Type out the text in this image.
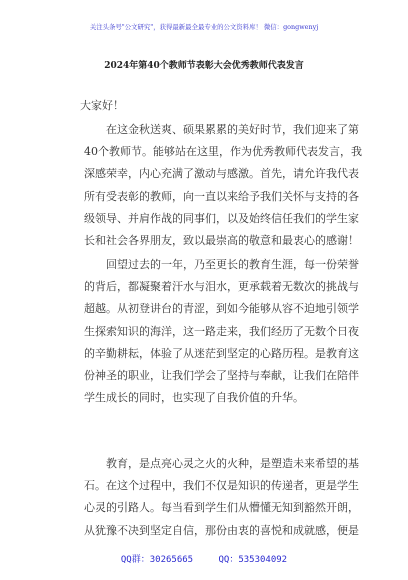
关注头条号"公文研究"，获得最新最全最专业的公文资料库！ 微信：gongwenyj
2024年第40个教师节表彰大会优秀教师代表发言
大家好！
在这金秋送爽、硕果累累的美好时节，我们迎来了第
40个教师节。能够站在这里，作为优秀教师代表发言，我
深感荣幸，内心充满了激动与感激。首先，请允许我代表
所有受表彰的教师，向一直以来给予我们关怀与支持的各
级领导、并肩作战的同事们，以及始终信任我们的学生家
长和社会各界朋友，致以最崇高的敬意和最衷心的感谢！
回望过去的一年，乃至更长的教育生涯，每一份荣誉
的背后，都凝聚着汗水与泪水，更承载着无数次的挑战与
超越。从初登讲台的青涩，到如今能够从容不迫地引领学
生探索知识的海洋，这一路走来，我们经历了无数个日夜
的辛勤耕耘，体验了从迷茫到坚定的心路历程。是教育这
份神圣的职业，让我们学会了坚持与奉献，让我们在陪伴
学生成长的同时，也实现了自我价值的升华。
教育，是点亮心灵之火的火种，是塑造未来希望的基
石。在这个过程中，我们不仅是知识的传递者，更是学生
心灵的引路人。每当看到学生们从懵懂无知到豁然开朗，
从犹豫不决到坚定自信，那份由衷的喜悦和成就感，便是
QQ群：30265665	QQ：535304092
